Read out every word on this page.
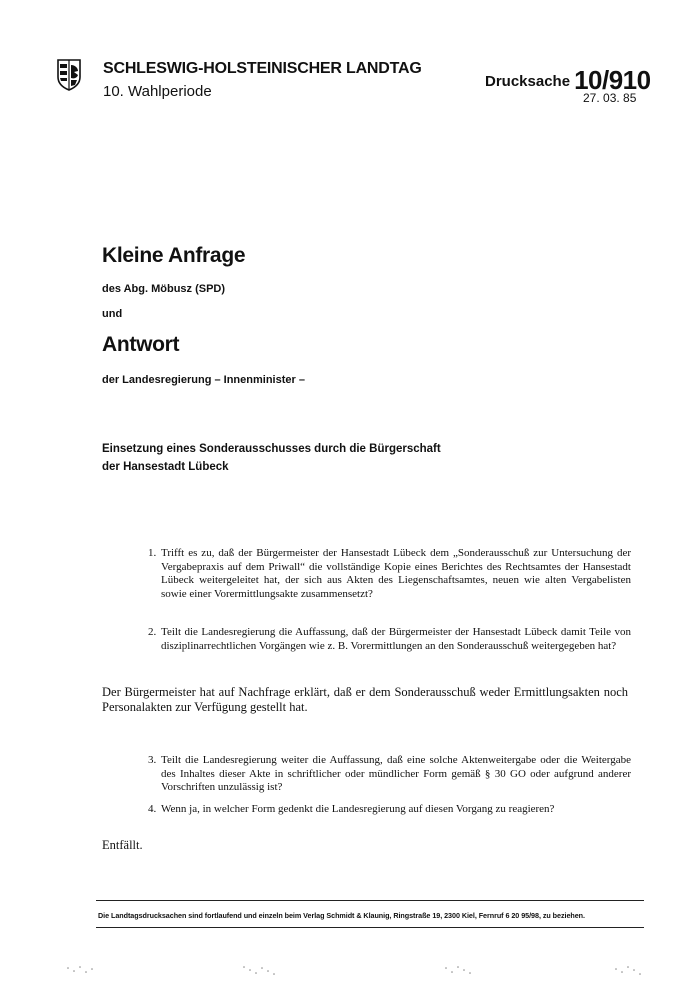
SCHLESWIG-HOLSTEINISCHER LANDTAG
10. Wahlperiode
Drucksache 10/910
27. 03. 85
Kleine Anfrage
des Abg. Möbusz (SPD)
und
Antwort
der Landesregierung – Innenminister –
Einsetzung eines Sonderausschusses durch die Bürgerschaft
der Hansestadt Lübeck
1. Trifft es zu, daß der Bürgermeister der Hansestadt Lübeck dem „Sonderausschuß zur Untersuchung der Vergabepraxis auf dem Priwall“ die vollständige Kopie eines Berichtes des Rechtsamtes der Hansestadt Lübeck weitergeleitet hat, der sich aus Akten des Liegenschaftsamtes, neuen wie alten Vergabelisten sowie einer Vorermittlungsakte zusammensetzt?
2. Teilt die Landesregierung die Auffassung, daß der Bürgermeister der Hansestadt Lübeck damit Teile von disziplinarrechtlichen Vorgängen wie z. B. Vorermittlungen an den Sonderausschuß weitergegeben hat?
Der Bürgermeister hat auf Nachfrage erklärt, daß er dem Sonderausschuß weder Ermittlungsakten noch Personalakten zur Verfügung gestellt hat.
3. Teilt die Landesregierung weiter die Auffassung, daß eine solche Aktenweitergabe oder die Weitergabe des Inhaltes dieser Akte in schriftlicher oder mündlicher Form gemäß § 30 GO oder aufgrund anderer Vorschriften unzulässig ist?
4. Wenn ja, in welcher Form gedenkt die Landesregierung auf diesen Vorgang zu reagieren?
Entfällt.
Die Landtagsdrucksachen sind fortlaufend und einzeln beim Verlag Schmidt & Klaunig, Ringstraße 19, 2300 Kiel, Fernruf 6 20 95/98, zu beziehen.
